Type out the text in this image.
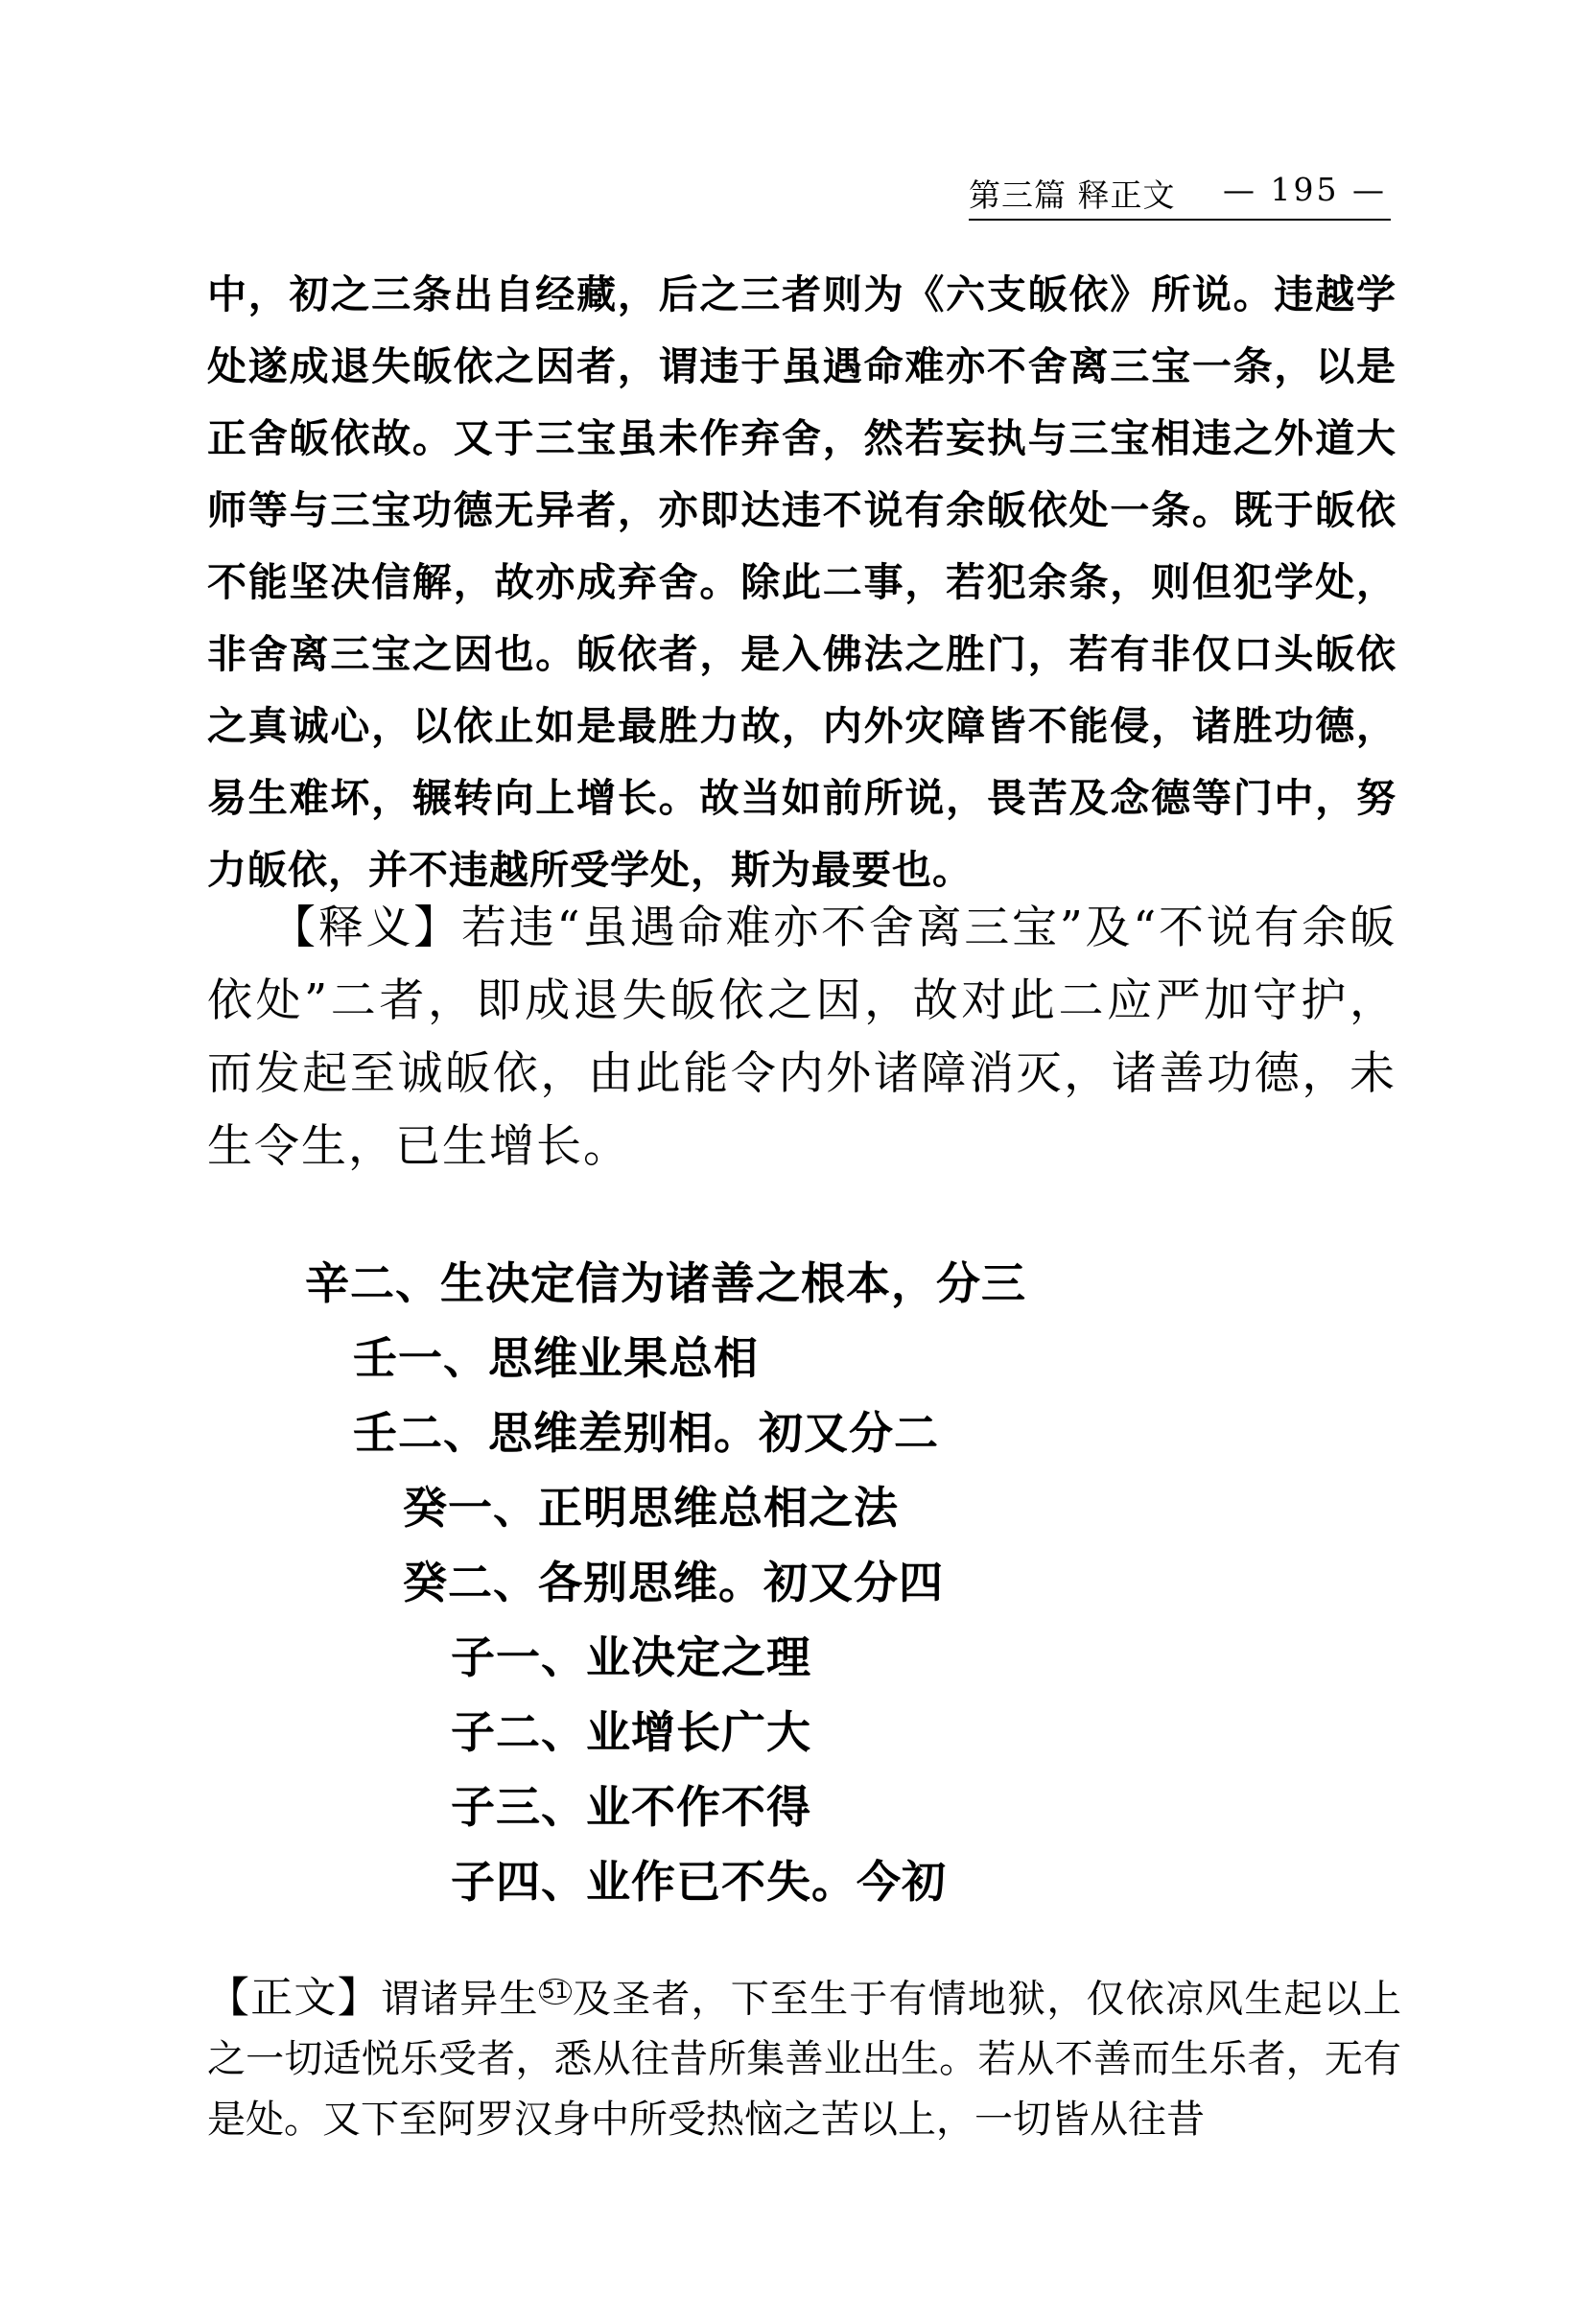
第三篇 释正文 — 195 —
中，初之三条出自经藏，后之三者则为《六支皈依》所说。违越学处遂成退失皈依之因者，谓违于虽遇命难亦不舍离三宝一条，以是正舍皈依故。又于三宝虽未作弃舍，然若妄执与三宝相违之外道大师等与三宝功德无异者，亦即达违不说有余皈依处一条。既于皈依不能坚决信解，故亦成弃舍。除此二事，若犯余条，则但犯学处，非舍离三宝之因也。皈依者，是入佛法之胜门，若有非仅口头皈依之真诚心，以依止如是最胜力故，内外灾障皆不能侵，诸胜功德，易生难坏，辗转向上增长。故当如前所说，畏苦及念德等门中，努力皈依，并不违越所受学处，斯为最要也。
【释义】若违“虽遇命难亦不舍离三宝”及“不说有余皈依处”二者，即成退失皈依之因，故对此二应严加守护，而发起至诚皈依，由此能令内外诸障消灭，诸善功德，未生令生，已生增长。
辛二、生决定信为诸善之根本，分三
壬一、思维业果总相
壬二、思维差别相。初又分二
癸一、正明思维总相之法
癸二、各别思维。初又分四
子一、业决定之理
子二、业增长广大
子三、业不作不得
子四、业作已不失。今初
【正文】谓诸异生 $^{51}$及圣者，下至生于有情地狱，仅依凉风生起以上之一切适悦乐受者，悉从往昔所集善业出生。若从不善而生乐者，无有是处。又下至阿罗汉身中所受热恼之苦以上，一切皆从往昔
